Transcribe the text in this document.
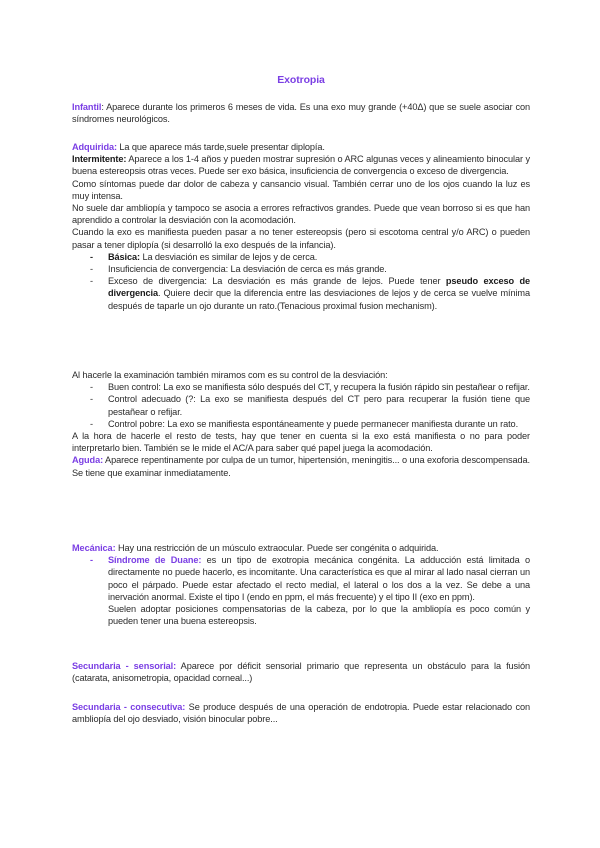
Exotropia

Infantil: Aparece durante los primeros 6 meses de vida. Es una exo muy grande (+40Δ) que se suele asociar con síndromes neurológicos.

Adquirida: La que aparece más tarde,suele presentar diplopía.

Intermitente: Aparece a los 1-4 años y pueden mostrar supresión o ARC algunas veces y alineamiento binocular y buena estereopsis otras veces. Puede ser exo básica, insuficiencia de convergencia o exceso de divergencia.

Como síntomas puede dar dolor de cabeza y cansancio visual. También cerrar uno de los ojos cuando la luz es muy intensa.

No suele dar ambliopía y tampoco se asocia a errores refractivos grandes. Puede que vean borroso si es que han aprendido a controlar la desviación con la acomodación.

Cuando la exo es manifiesta pueden pasar a no tener estereopsis (pero si escotoma central y/o ARC) o pueden pasar a tener diplopía (si desarrolló la exo después de la infancia).

- Básica: La desviación es similar de lejos y de cerca.
- Insuficiencia de convergencia: La desviación de cerca es más grande.
- Exceso de divergencia: La desviación es más grande de lejos. Puede tener pseudo exceso de divergencia. Quiere decir que la diferencia entre las desviaciones de lejos y de cerca se vuelve mínima después de taparle un ojo durante un rato.(Tenacious proximal fusion mechanism).

Al hacerle la examinación también miramos com es su control de la desviación:

- Buen control: La exo se manifiesta sólo después del CT, y recupera la fusión rápido sin pestañear o refijar.
- Control adecuado (?: La exo se manifiesta después del CT pero para recuperar la fusión tiene que pestañear o refijar.
- Control pobre: La exo se manifiesta espontáneamente y puede permanecer manifiesta durante un rato.

A la hora de hacerle el resto de tests, hay que tener en cuenta si la exo está manifiesta o no para poder interpretarlo bien. También se le mide el AC/A para saber qué papel juega la acomodación.

Aguda: Aparece repentinamente por culpa de un tumor, hipertensión, meningitis... o una exoforia descompensada. Se tiene que examinar inmediatamente.

Mecánica: Hay una restricción de un músculo extraocular. Puede ser congénita o adquirida.

- Síndrome de Duane: es un tipo de exotropia mecánica congénita. La adducción está limitada o directamente no puede hacerlo, es incomitante. Una característica es que al mirar al lado nasal cierran un poco el párpado. Puede estar afectado el recto medial, el lateral o los dos a la vez. Se debe a una inervación anormal. Existe el tipo I (endo en ppm, el más frecuente) y el tipo II (exo en ppm).

Suelen adoptar posiciones compensatorias de la cabeza, por lo que la ambliopía es poco común y pueden tener una buena estereopsis.

Secundaria - sensorial: Aparece por déficit sensorial primario que representa un obstáculo para la fusión (catarata, anisometropia, opacidad corneal...)

Secundaria - consecutiva: Se produce después de una operación de endotropia. Puede estar relacionado con ambliopía del ojo desviado, visión binocular pobre...
